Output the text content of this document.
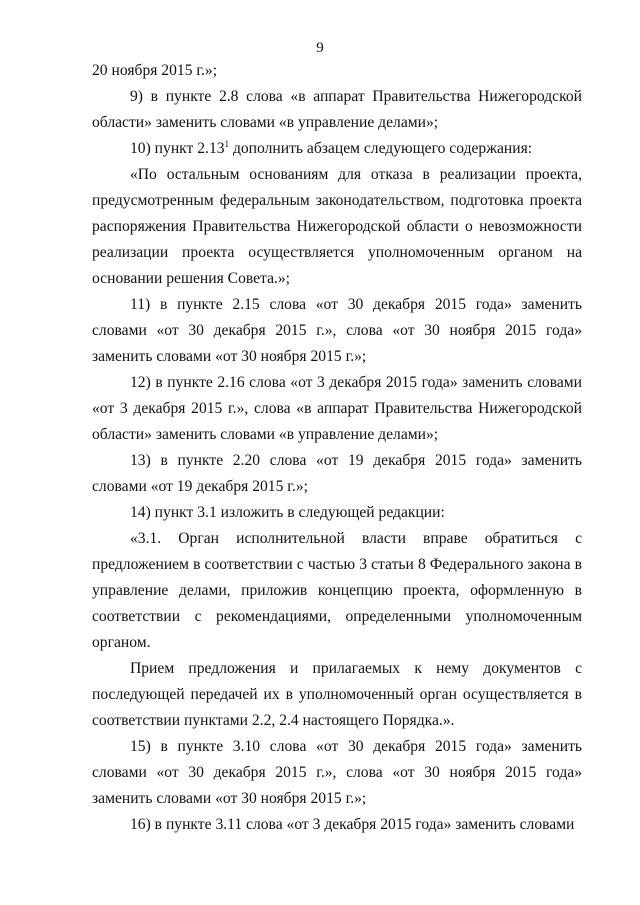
9

20 ноября 2015 г.»;

9) в пункте 2.8 слова «в аппарат Правительства Нижегородской области» заменить словами «в управление делами»;

10) пункт 2.13$^1$ дополнить абзацем следующего содержания:

«По остальным основаниям для отказа в реализации проекта, предусмотренным федеральным законодательством, подготовка проекта распоряжения Правительства Нижегородской области о невозможности реализации проекта осуществляется уполномоченным органом на основании решения Совета.»;

11) в пункте 2.15 слова «от 30 декабря 2015 года» заменить словами «от 30 декабря 2015 г.», слова «от 30 ноября 2015 года» заменить словами «от 30 ноября 2015 г.»;

12) в пункте 2.16 слова «от 3 декабря 2015 года» заменить словами «от 3 декабря 2015 г.», слова «в аппарат Правительства Нижегородской области» заменить словами «в управление делами»;

13) в пункте 2.20 слова «от 19 декабря 2015 года» заменить словами «от 19 декабря 2015 г.»;

14) пункт 3.1 изложить в следующей редакции:

«3.1. Орган исполнительной власти вправе обратиться с предложением в соответствии с частью 3 статьи 8 Федерального закона в управление делами, приложив концепцию проекта, оформленную в соответствии с рекомендациями, определенными уполномоченным органом.

Прием предложения и прилагаемых к нему документов с последующей передачей их в уполномоченный орган осуществляется в соответствии пунктами 2.2, 2.4 настоящего Порядка.».

15) в пункте 3.10 слова «от 30 декабря 2015 года» заменить словами «от 30 декабря 2015 г.», слова «от 30 ноября 2015 года» заменить словами «от 30 ноября 2015 г.»;

16) в пункте 3.11 слова «от 3 декабря 2015 года» заменить словами
